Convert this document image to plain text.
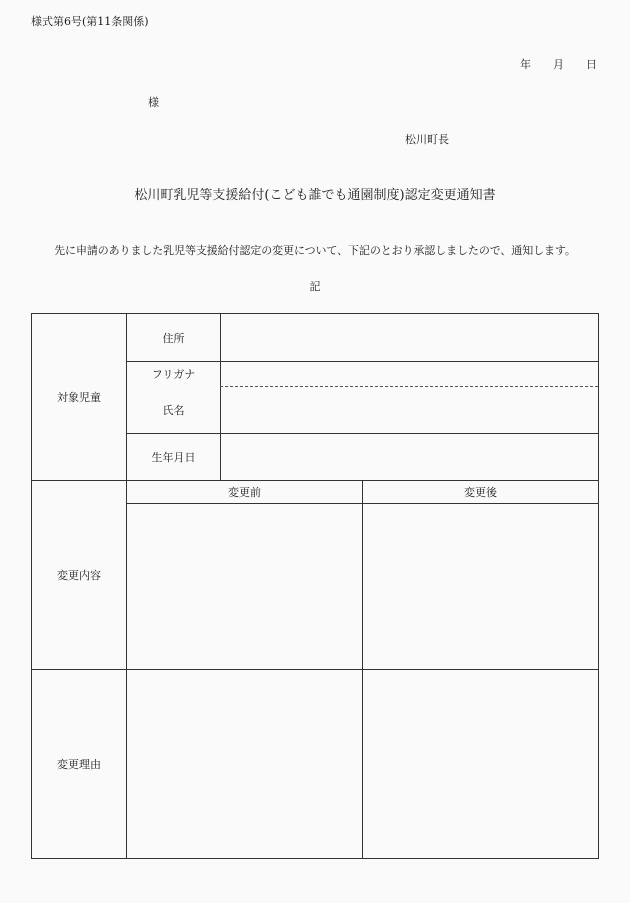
様式第6号(第11条関係)
年 月 日
様
松川町長
松川町乳児等支援給付(こども誰でも通園制度)認定変更通知書
先に申請のありました乳児等支援給付認定の変更について、下記のとおり承認しましたので、通知します。
記
対象児童
住所
フリガナ
氏名
生年月日
変更内容
変更前	変更後
変更理由
